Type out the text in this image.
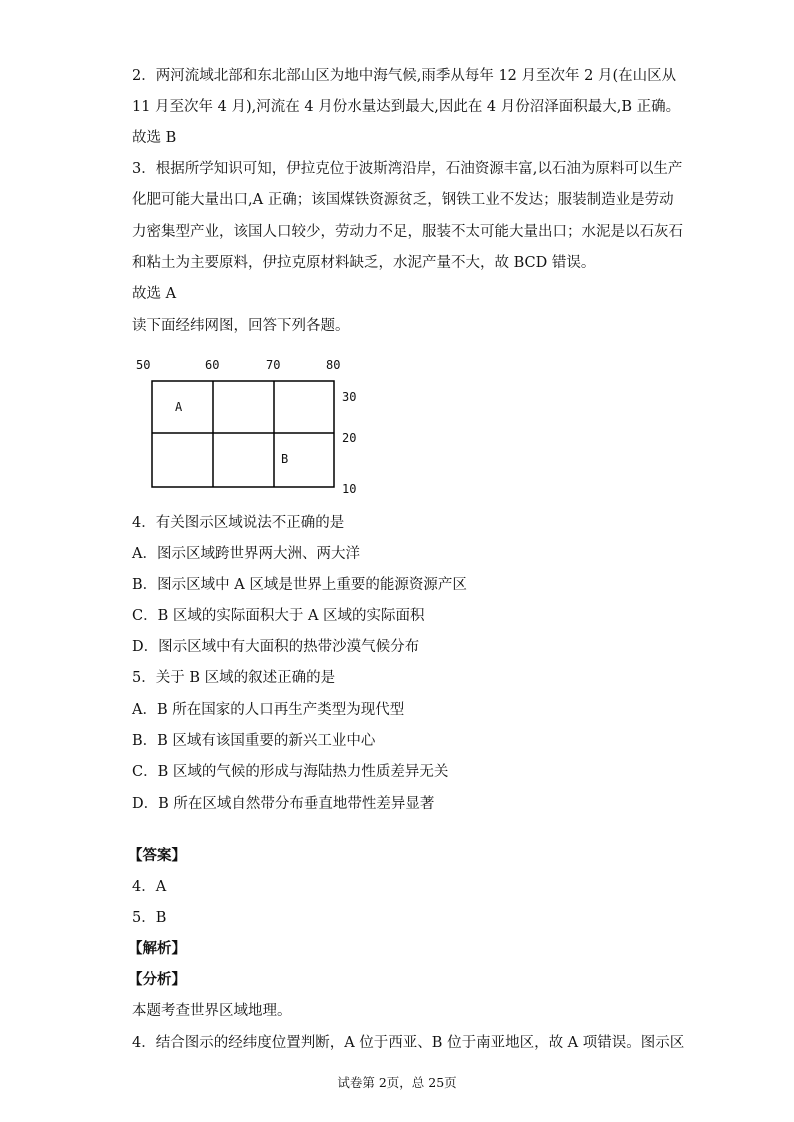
2．两河流域北部和东北部山区为地中海气候,雨季从每年 12 月至次年 2 月(在山区从
11 月至次年 4 月),河流在 4 月份水量达到最大,因此在 4 月份沼泽面积最大,B 正确。
故选 B
3．根据所学知识可知，伊拉克位于波斯湾沿岸，石油资源丰富,以石油为原料可以生产
化肥可能大量出口,A 正确；该国煤铁资源贫乏，钢铁工业不发达；服装制造业是劳动
力密集型产业，该国人口较少，劳动力不足，服装不太可能大量出口；水泥是以石灰石
和粘土为主要原料，伊拉克原材料缺乏，水泥产量不大，故 BCD 错误。
故选 A
读下面经纬网图，回答下列各题。
50	60	70	80
30
20
10
A
B
4．有关图示区域说法不正确的是
A．图示区域跨世界两大洲、两大洋
B．图示区域中 A 区域是世界上重要的能源资源产区
C．B 区域的实际面积大于 A 区域的实际面积
D．图示区域中有大面积的热带沙漠气候分布
5．关于 B 区域的叙述正确的是
A．B 所在国家的人口再生产类型为现代型
B．B 区域有该国重要的新兴工业中心
C．B 区域的气候的形成与海陆热力性质差异无关
D．B 所在区域自然带分布垂直地带性差异显著
【答案】
4．A
5．B
【解析】
【分析】
本题考查世界区域地理。
4．结合图示的经纬度位置判断，A 位于西亚、B 位于南亚地区，故 A 项错误。图示区
试卷第 2页，总 25页
